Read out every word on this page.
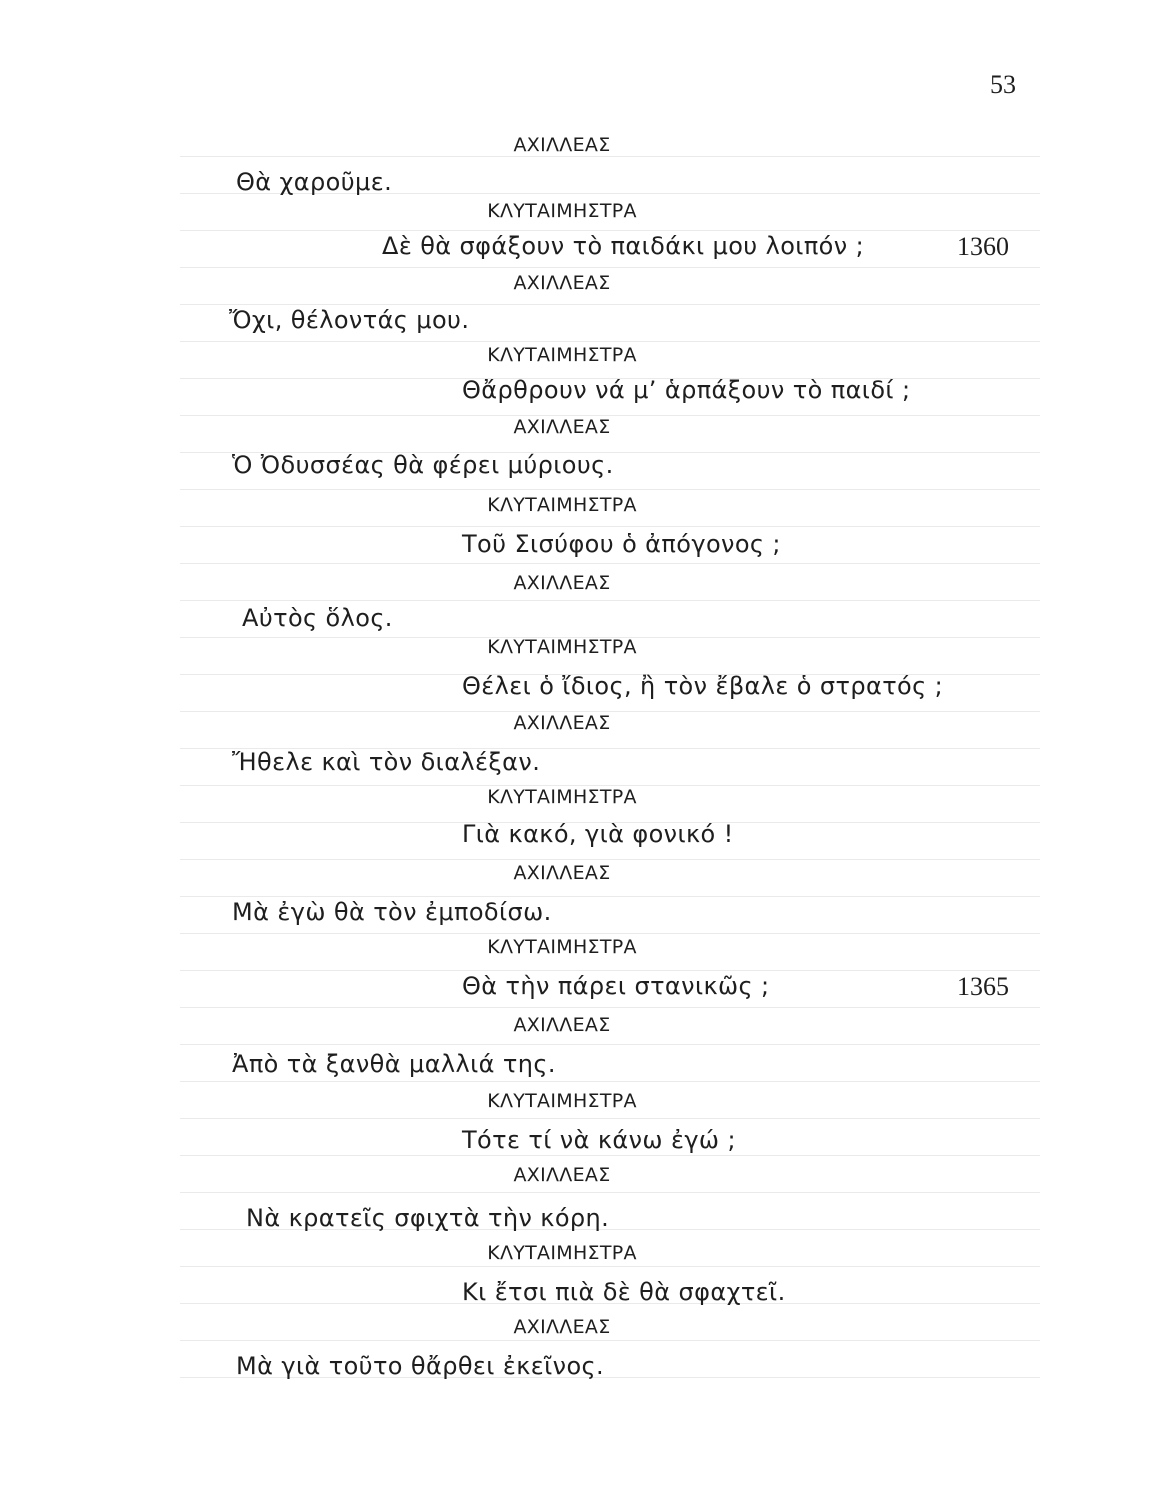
53
ΑΧΙΛΛΕΑΣ
Θὰ χαροῦμε.
ΚΛΥΤΑΙΜΗΣΤΡΑ
Δὲ θὰ σφάξουν τὸ παιδάκι μου λοιπόν ;	1360
ΑΧΙΛΛΕΑΣ
Ὄχι, θέλοντάς μου.
ΚΛΥΤΑΙΜΗΣΤΡΑ
Θἄρθρουν νά μ’ ἁρπάξουν τὸ παιδί ;
ΑΧΙΛΛΕΑΣ
Ὁ Ὀδυσσέας θὰ φέρει μύριους.
ΚΛΥΤΑΙΜΗΣΤΡΑ
Τοῦ Σισύφου ὁ ἀπόγονος ;
ΑΧΙΛΛΕΑΣ
Αὐτὸς ὅλος.
ΚΛΥΤΑΙΜΗΣΤΡΑ
Θέλει ὁ ἴδιος, ἢ τὸν ἔβαλε ὁ στρατός ;
ΑΧΙΛΛΕΑΣ
Ἤθελε καὶ τὸν διαλέξαν.
ΚΛΥΤΑΙΜΗΣΤΡΑ
Γιὰ κακό, γιὰ φονικό !
ΑΧΙΛΛΕΑΣ
Μὰ ἐγὼ θὰ τὸν ἐμποδίσω.
ΚΛΥΤΑΙΜΗΣΤΡΑ
Θὰ τὴν πάρει στανικῶς ;	1365
ΑΧΙΛΛΕΑΣ
Ἀπὸ τὰ ξανθὰ μαλλιά της.
ΚΛΥΤΑΙΜΗΣΤΡΑ
Τότε τί νὰ κάνω ἐγώ ;
ΑΧΙΛΛΕΑΣ
Νὰ κρατεῖς σφιχτὰ τὴν κόρη.
ΚΛΥΤΑΙΜΗΣΤΡΑ
Κι ἔτσι πιὰ δὲ θὰ σφαχτεῖ.
ΑΧΙΛΛΕΑΣ
Μὰ γιὰ τοῦτο θἄρθει ἐκεῖνος.
